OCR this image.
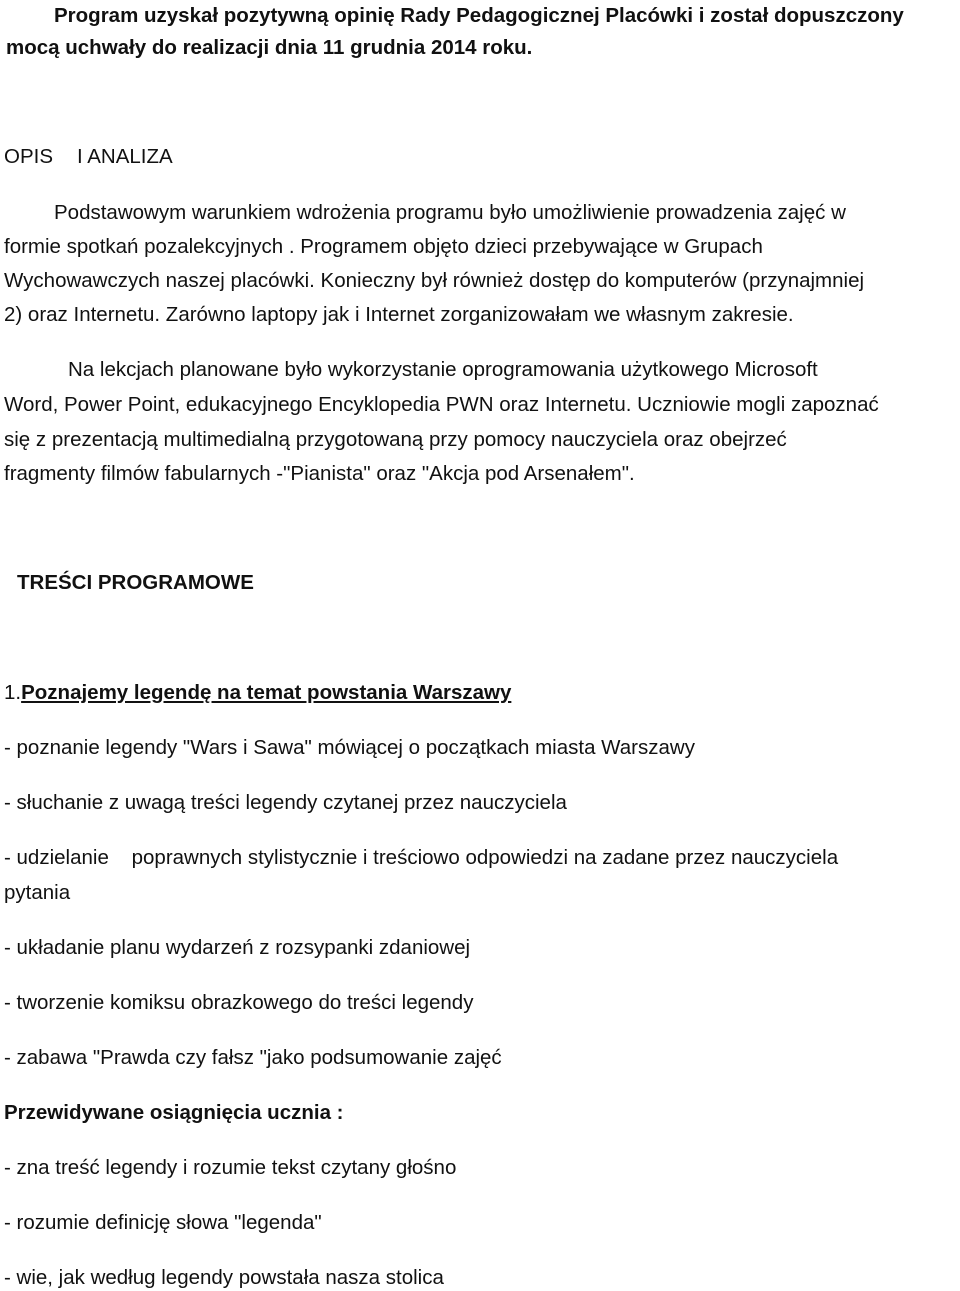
Program uzyskał pozytywną opinię Rady Pedagogicznej Placówki i został dopuszczony

mocą uchwały do realizacji dnia 11 grudnia 2014 roku.

OPIS I ANALIZA

Podstawowym warunkiem wdrożenia programu było umożliwienie prowadzenia zajęć w

formie spotkań pozalekcyjnych . Programem objęto dzieci przebywające w Grupach

Wychowawczych naszej placówki. Konieczny był również dostęp do komputerów (przynajmniej

2) oraz Internetu. Zarówno laptopy jak i Internet zorganizowałam we własnym zakresie.

Na lekcjach planowane było wykorzystanie oprogramowania użytkowego Microsoft

Word, Power Point, edukacyjnego Encyklopedia PWN oraz Internetu. Uczniowie mogli zapoznać

się z prezentacją multimedialną przygotowaną przy pomocy nauczyciela oraz obejrzeć

fragmenty filmów fabularnych -"Pianista" oraz "Akcja pod Arsenałem".

TREŚCI PROGRAMOWE

1.Poznajemy legendę na temat powstania Warszawy

- poznanie legendy "Wars i Sawa" mówiącej o początkach miasta Warszawy

- słuchanie z uwagą treści legendy czytanej przez nauczyciela

- udzielanie    poprawnych stylistycznie i treściowo odpowiedzi na zadane przez nauczyciela

pytania

- układanie planu wydarzeń z rozsypanki zdaniowej

- tworzenie komiksu obrazkowego do treści legendy

- zabawa "Prawda czy fałsz "jako podsumowanie zajęć

Przewidywane osiągnięcia ucznia :

- zna treść legendy i rozumie tekst czytany głośno

- rozumie definicję słowa "legenda"

- wie, jak według legendy powstała nasza stolica
